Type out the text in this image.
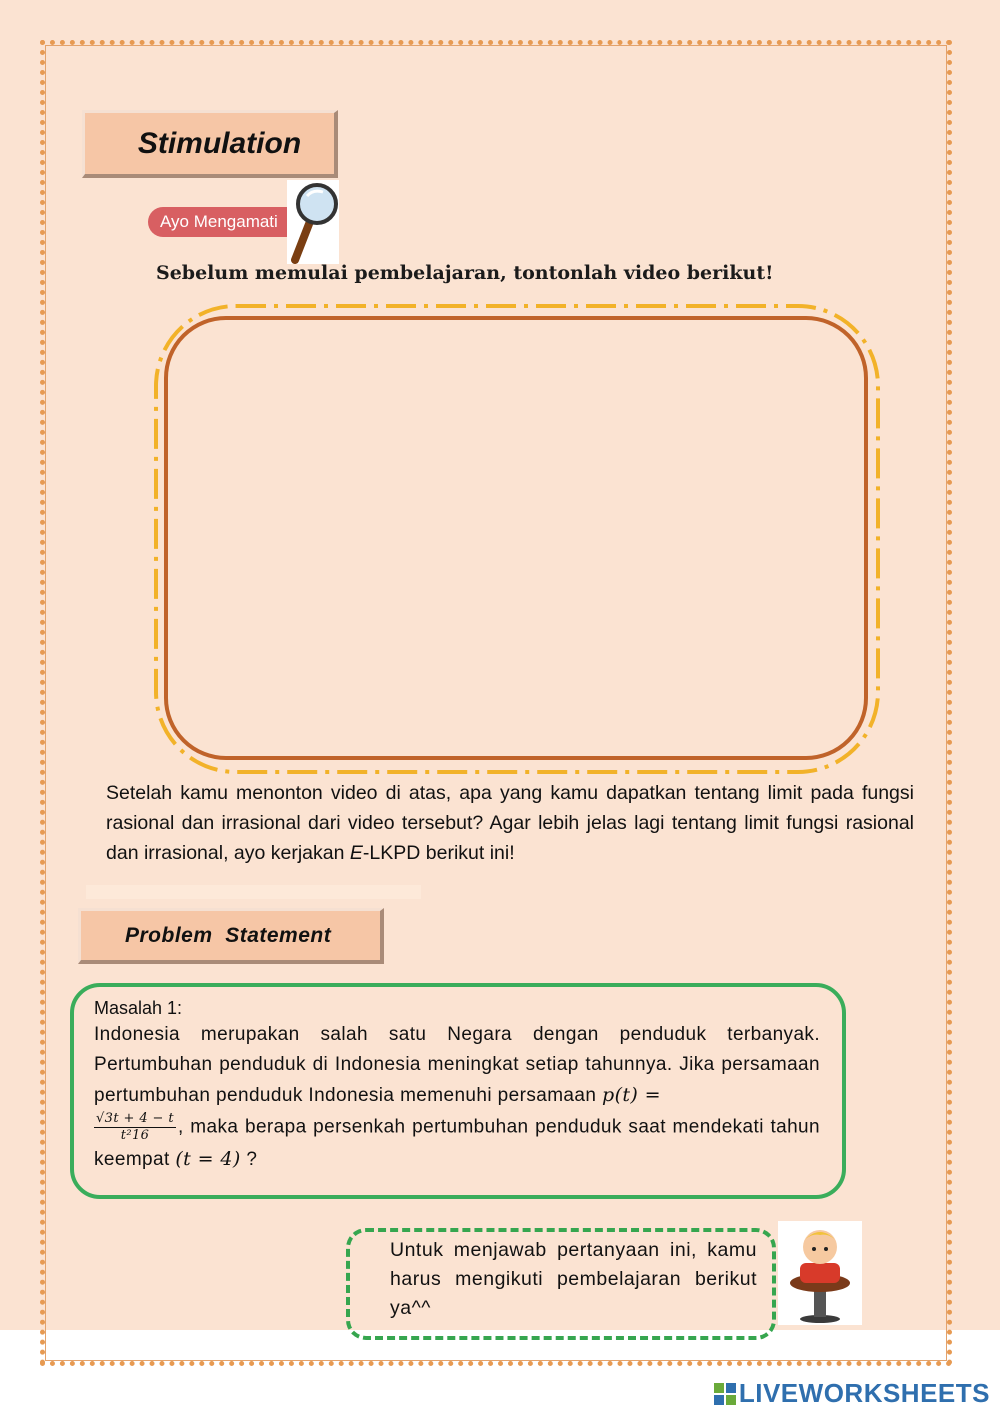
Stimulation
Ayo Mengamati
Sebelum memulai pembelajaran, tontonlah video berikut!
Setelah kamu menonton video di atas, apa yang kamu dapatkan tentang limit pada fungsi rasional dan irrasional dari video tersebut? Agar lebih jelas lagi tentang limit fungsi rasional dan irrasional, ayo kerjakan E-LKPD berikut ini!
Problem  Statement
Masalah 1:
Indonesia merupakan salah satu Negara dengan penduduk terbanyak. Pertumbuhan penduduk di Indonesia meningkat setiap tahunnya. Jika persamaan pertumbuhan penduduk Indonesia memenuhi persamaan p(t) =

$\frac{√3t + 4 - t}{\text{t²16}}$ , maka berapa persenkah pertumbuhan penduduk saat mendekati tahun keempat (t = 4) ?
Untuk menjawab pertanyaan ini, kamu harus mengikuti pembelajaran berikut ya^^
LIVEWORKSHEETS
